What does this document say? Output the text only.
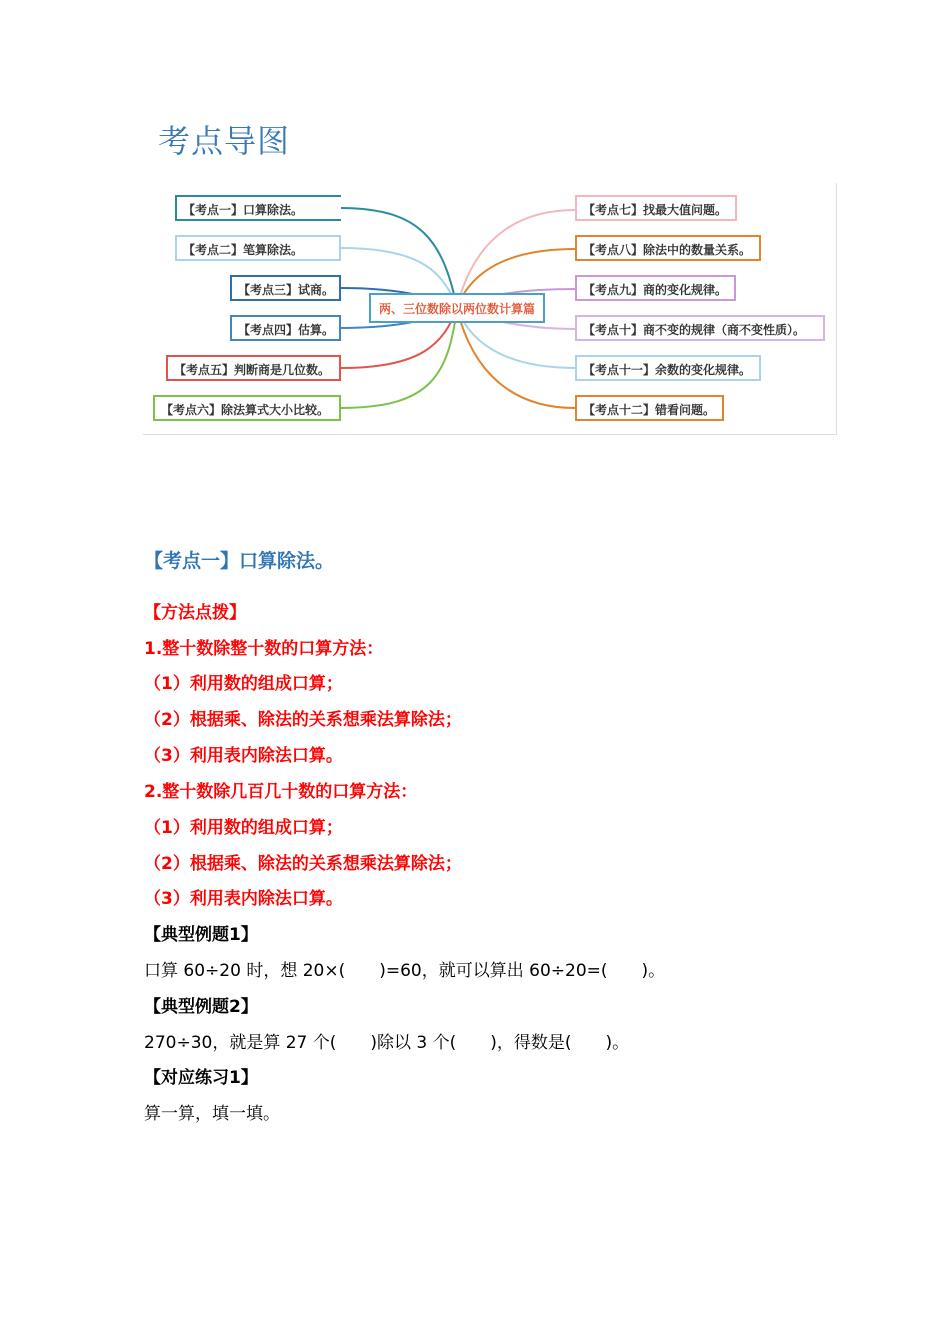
考点导图
两、三位数除以两位数计算篇
【考点一】口算除法。
【考点二】笔算除法。
【考点三】试商。
【考点四】估算。
【考点五】判断商是几位数。
【考点六】除法算式大小比较。
【考点七】找最大值问题。
【考点八】除法中的数量关系。
【考点九】商的变化规律。
【考点十】商不变的规律（商不变性质）。
【考点十一】余数的变化规律。
【考点十二】错看问题。
【考点一】口算除法。
【方法点拨】
1.整十数除整十数的口算方法：
（1）利用数的组成口算；
（2）根据乘、除法的关系想乘法算除法；
（3）利用表内除法口算。
2.整十数除几百几十数的口算方法：
（1）利用数的组成口算；
（2）根据乘、除法的关系想乘法算除法；
（3）利用表内除法口算。
【典型例题1】
口算 60÷20 时，想 20×(　　)=60，就可以算出 60÷20=(　　)。
【典型例题2】
270÷30，就是算 27 个(　　)除以 3 个(　　)，得数是(　　)。
【对应练习1】
算一算，填一填。
